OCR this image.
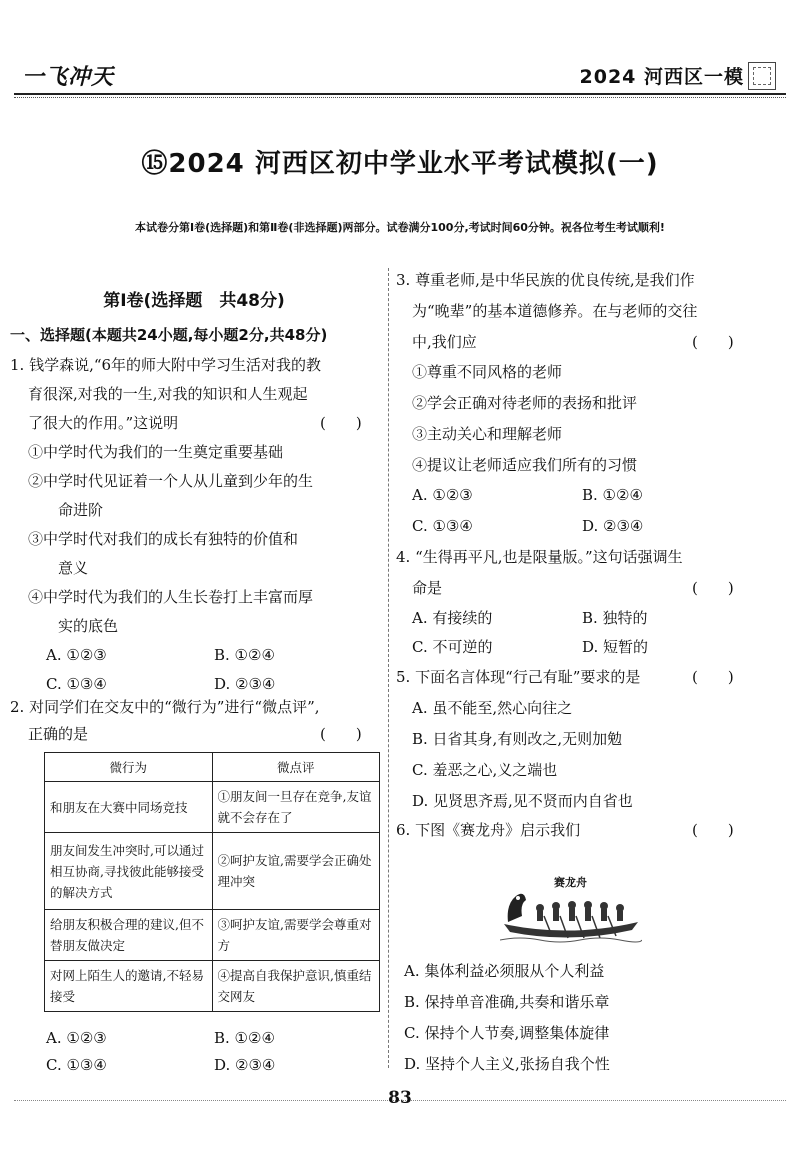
一飞冲天	2024 河西区一模
⑮2024 河西区初中学业水平考试模拟(一)
本试卷分第Ⅰ卷(选择题)和第Ⅱ卷(非选择题)两部分。试卷满分100分,考试时间60分钟。祝各位考生考试顺利!
第Ⅰ卷(选择题　共48分)
一、选择题(本题共24小题,每小题2分,共48分)
1. 钱学森说,“6年的师大附中学习生活对我的教
育很深,对我的一生,对我的知识和人生观起
了很大的作用。”这说明	(　　)
①中学时代为我们的一生奠定重要基础
②中学时代见证着一个人从儿童到少年的生
命进阶
③中学时代对我们的成长有独特的价值和
意义
④中学时代为我们的人生长卷打上丰富而厚
实的底色
A. ①②③	B. ①②④
C. ①③④	D. ②③④
2. 对同学们在交友中的“微行为”进行“微点评”,
正确的是	(　　)
微行为	微点评
和朋友在大赛中同场竞技	①朋友间一旦存在竞争,友谊就不会存在了
朋友间发生冲突时,可以通过相互协商,寻找彼此能够接受的解决方式	②呵护友谊,需要学会正确处理冲突
给朋友积极合理的建议,但不替朋友做决定	③呵护友谊,需要学会尊重对方
对网上陌生人的邀请,不轻易接受	④提高自我保护意识,慎重结交网友
A. ①②③	B. ①②④
C. ①③④	D. ②③④
3. 尊重老师,是中华民族的优良传统,是我们作
为“晚辈”的基本道德修养。在与老师的交往
中,我们应	(　　)
①尊重不同风格的老师
②学会正确对待老师的表扬和批评
③主动关心和理解老师
④提议让老师适应我们所有的习惯
A. ①②③	B. ①②④
C. ①③④	D. ②③④
4. “生得再平凡,也是限量版。”这句话强调生
命是	(　　)
A. 有接续的	B. 独特的
C. 不可逆的	D. 短暂的
5. 下面名言体现“行己有耻”要求的是	(　　)
A. 虽不能至,然心向往之
B. 日省其身,有则改之,无则加勉
C. 羞恶之心,义之端也
D. 见贤思齐焉,见不贤而内自省也
6. 下图《赛龙舟》启示我们	(　　)
赛龙舟
A. 集体利益必须服从个人利益
B. 保持单音准确,共奏和谐乐章
C. 保持个人节奏,调整集体旋律
D. 坚持个人主义,张扬自我个性
83
